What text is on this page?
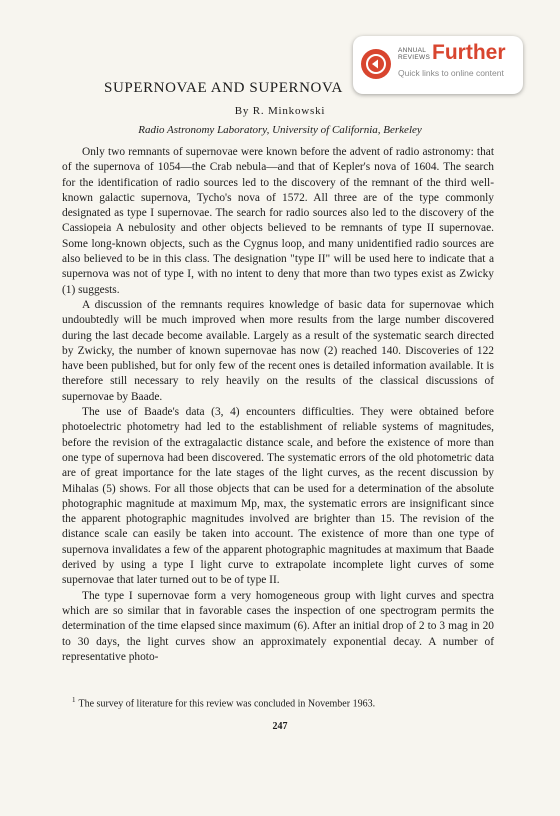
ANNUAL
REVIEWS Further
Quick links to online content
SUPERNOVAE AND SUPERNOVA
By R. Minkowski
Radio Astronomy Laboratory, University of California, Berkeley

Only two remnants of supernovae were known before the advent of radio astronomy: that of the supernova of 1054—the Crab nebula—and that of Kepler's nova of 1604. The search for the identification of radio sources led to the discovery of the remnant of the third well-known galactic supernova, Tycho's nova of 1572. All three are of the type commonly designated as type I supernovae. The search for radio sources also led to the discovery of the Cassiopeia A nebulosity and other objects believed to be remnants of type II supernovae. Some long-known objects, such as the Cygnus loop, and many unidentified radio sources are also believed to be in this class. The designation "type II" will be used here to indicate that a supernova was not of type I, with no intent to deny that more than two types exist as Zwicky (1) suggests.

A discussion of the remnants requires knowledge of basic data for supernovae which undoubtedly will be much improved when more results from the large number discovered during the last decade become available. Largely as a result of the systematic search directed by Zwicky, the number of known supernovae has now (2) reached 140. Discoveries of 122 have been published, but for only few of the recent ones is detailed information available. It is therefore still necessary to rely heavily on the results of the classical discussions of supernovae by Baade.

The use of Baade's data (3, 4) encounters difficulties. They were obtained before photoelectric photometry had led to the establishment of reliable systems of magnitudes, before the revision of the extragalactic distance scale, and before the existence of more than one type of supernova had been discovered. The systematic errors of the old photometric data are of great importance for the late stages of the light curves, as the recent discussion by Mihalas (5) shows. For all those objects that can be used for a determination of the absolute photographic magnitude at maximum Mp, max, the systematic errors are insignificant since the apparent photographic magnitudes involved are brighter than 15. The revision of the distance scale can easily be taken into account. The existence of more than one type of supernova invalidates a few of the apparent photographic magnitudes at maximum that Baade derived by using a type I light curve to extrapolate incomplete light curves of some supernovae that later turned out to be of type II.

The type I supernovae form a very homogeneous group with light curves and spectra which are so similar that in favorable cases the inspection of one spectrogram permits the determination of the time elapsed since maximum (6). After an initial drop of 2 to 3 mag in 20 to 30 days, the light curves show an approximately exponential decay. A number of representative photo-

$^1$ The survey of literature for this review was concluded in November 1963.
247
